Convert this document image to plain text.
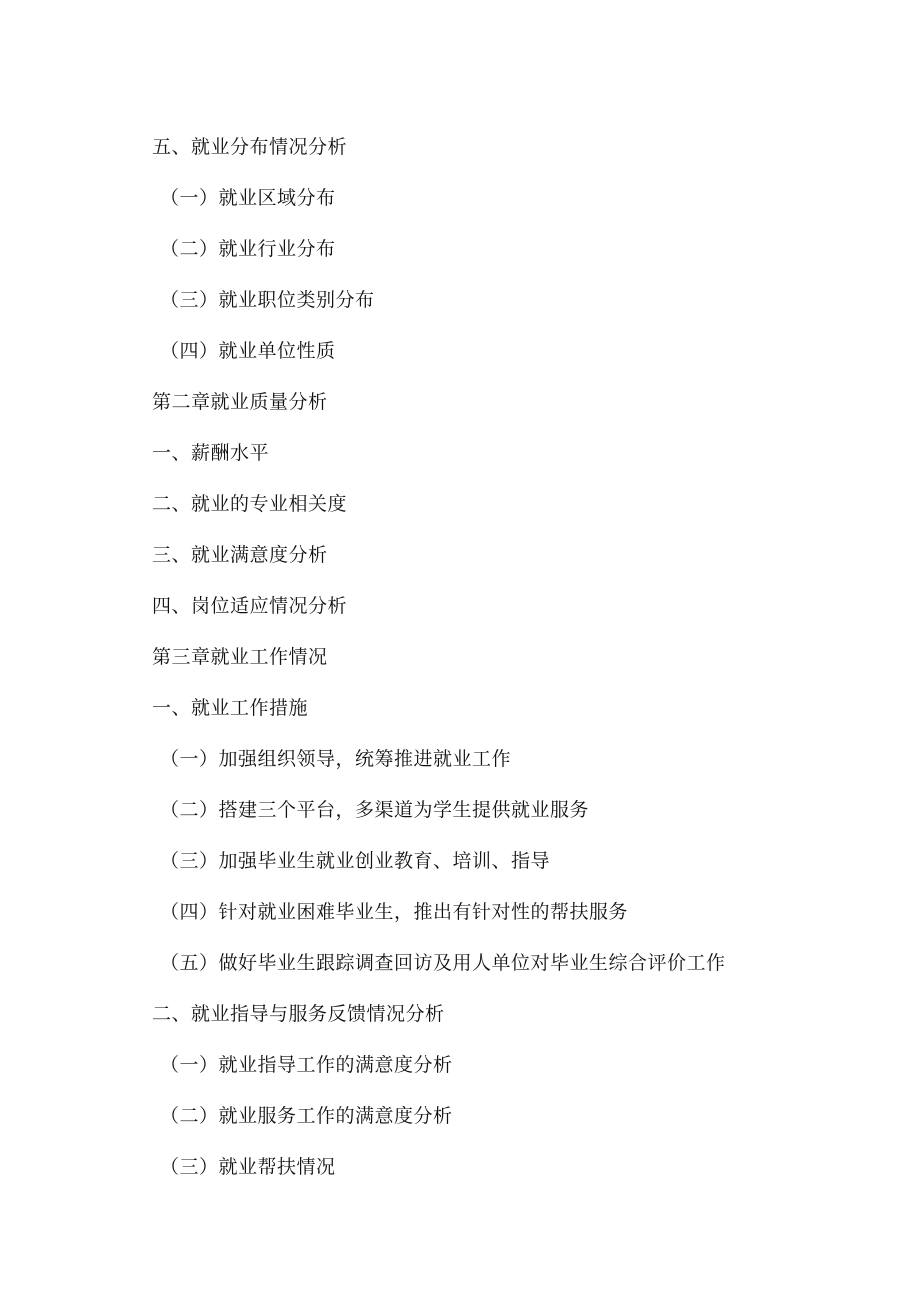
五、就业分布情况分析
（一）就业区域分布
（二）就业行业分布
（三）就业职位类别分布
（四）就业单位性质
第二章就业质量分析
一、薪酬水平
二、就业的专业相关度
三、就业满意度分析
四、岗位适应情况分析
第三章就业工作情况
一、就业工作措施
（一）加强组织领导，统筹推进就业工作
（二）搭建三个平台，多渠道为学生提供就业服务
（三）加强毕业生就业创业教育、培训、指导
（四）针对就业困难毕业生，推出有针对性的帮扶服务
（五）做好毕业生跟踪调查回访及用人单位对毕业生综合评价工作
二、就业指导与服务反馈情况分析
（一）就业指导工作的满意度分析
（二）就业服务工作的满意度分析
（三）就业帮扶情况
